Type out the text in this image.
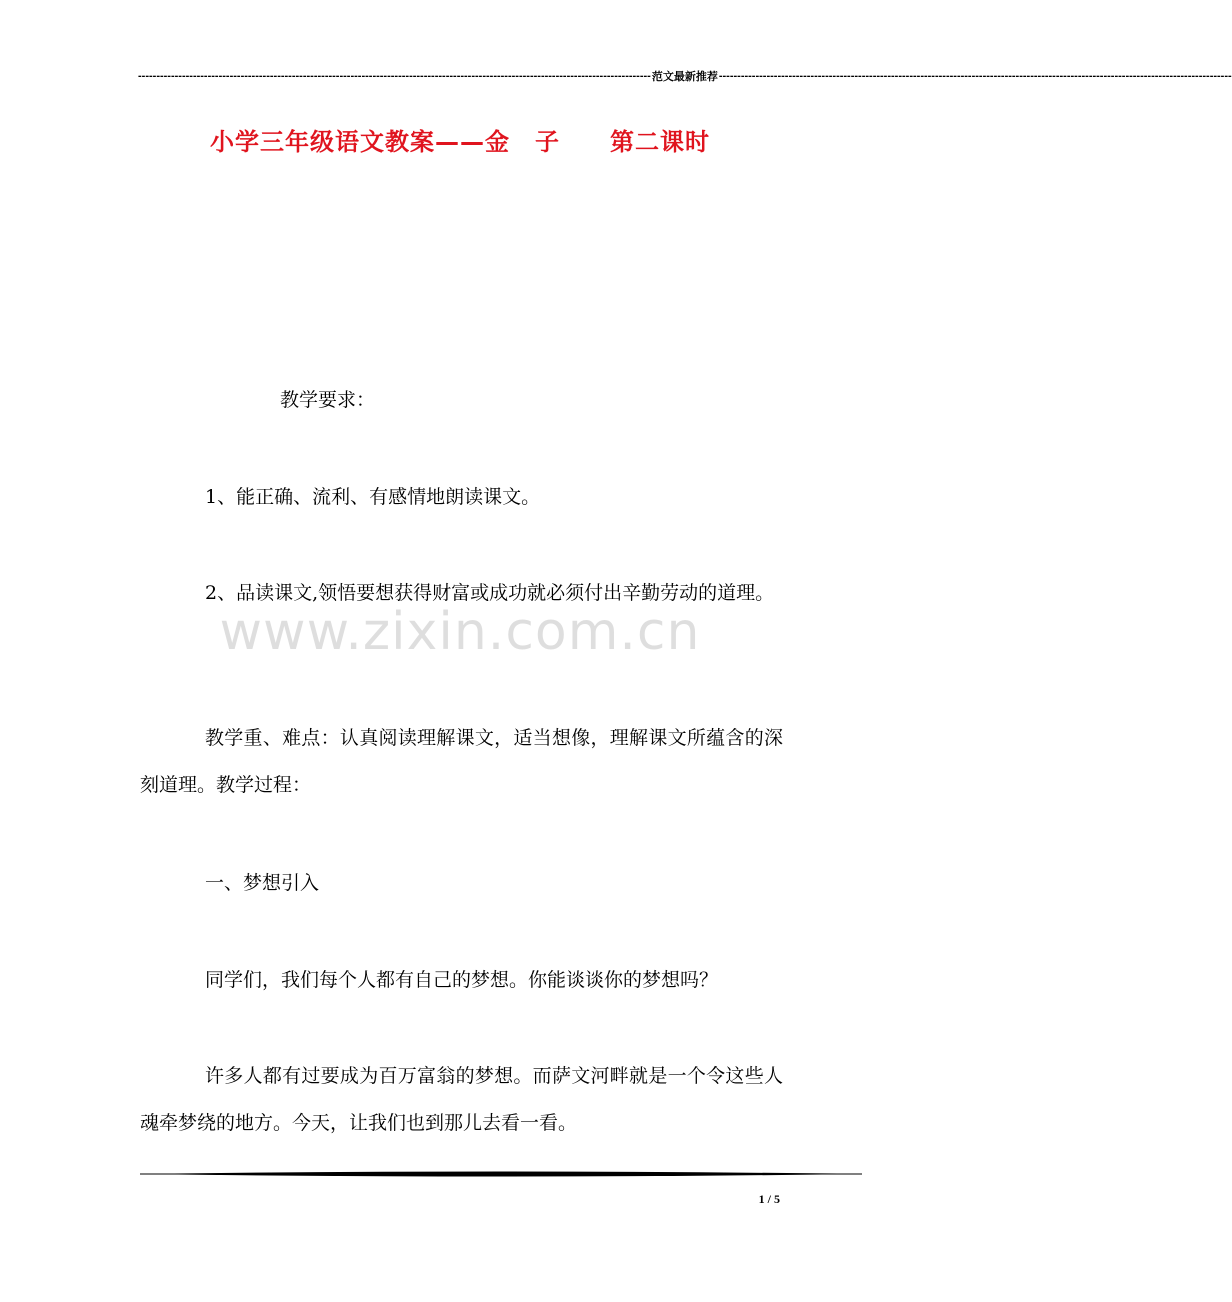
-------------------------------------------------------------------------------------------------------------------------------------------- 范文最新推荐 --------------------------------------------------------------------------------------------------------------------------------------------
小学三年级语文教案——金　子　　第二课时
www.zixin.com.cn
教学要求：
1、能正确、流利、有感情地朗读课文。
2、品读课文,领悟要想获得财富或成功就必须付出辛勤劳动的道理。
教学重、难点：认真阅读理解课文，适当想像，理解课文所蕴含的深刻道理。教学过程：
一、梦想引入
同学们，我们每个人都有自己的梦想。你能谈谈你的梦想吗？
许多人都有过要成为百万富翁的梦想。而萨文河畔就是一个令这些人魂牵梦绕的地方。今天，让我们也到那儿去看一看。
1 / 5
